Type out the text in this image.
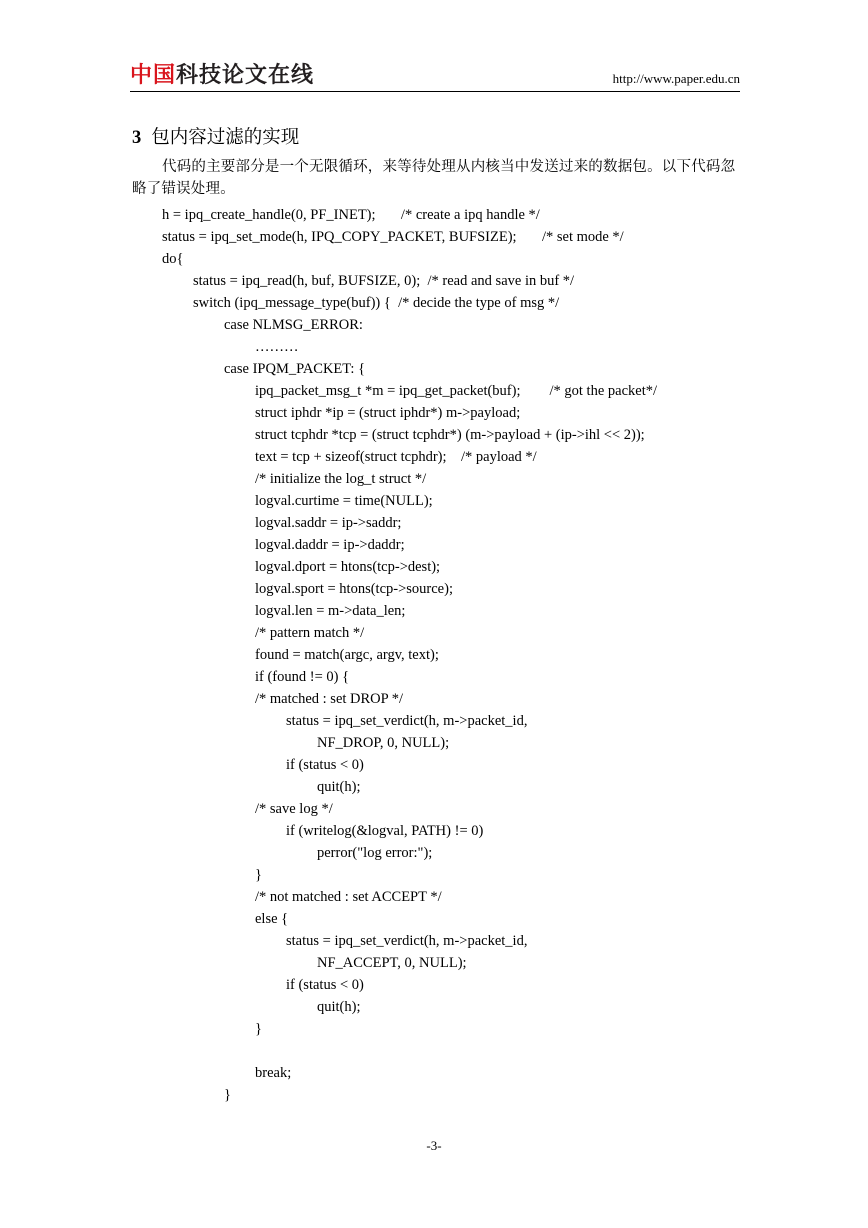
中国科技论文在线	http://www.paper.edu.cn
3 包内容过滤的实现

代码的主要部分是一个无限循环，来等待处理从内核当中发送过来的数据包。以下代码忽略了错误处理。

h = ipq_create_handle(0, PF_INET);       /* create a ipq handle */
status = ipq_set_mode(h, IPQ_COPY_PACKET, BUFSIZE);       /* set mode */
do{
status = ipq_read(h, buf, BUFSIZE, 0);  /* read and save in buf */
switch (ipq_message_type(buf)) {  /* decide the type of msg */
case NLMSG_ERROR:
………
case IPQM_PACKET: {
ipq_packet_msg_t *m = ipq_get_packet(buf);        /* got the packet*/
struct iphdr *ip = (struct iphdr*) m->payload;
struct tcphdr *tcp = (struct tcphdr*) (m->payload + (ip->ihl << 2));
text = tcp + sizeof(struct tcphdr);    /* payload */
/* initialize the log_t struct */
logval.curtime = time(NULL);
logval.saddr = ip->saddr;
logval.daddr = ip->daddr;
logval.dport = htons(tcp->dest);
logval.sport = htons(tcp->source);
logval.len = m->data_len;
/* pattern match */
found = match(argc, argv, text);
if (found != 0) {
/* matched : set DROP */
status = ipq_set_verdict(h, m->packet_id,
NF_DROP, 0, NULL);
if (status < 0)
quit(h);
/* save log */
if (writelog(&logval, PATH) != 0)
perror("log error:");
}
/* not matched : set ACCEPT */
else {
status = ipq_set_verdict(h, m->packet_id,
NF_ACCEPT, 0, NULL);
if (status < 0)
quit(h);
}
break;
}
-3-
